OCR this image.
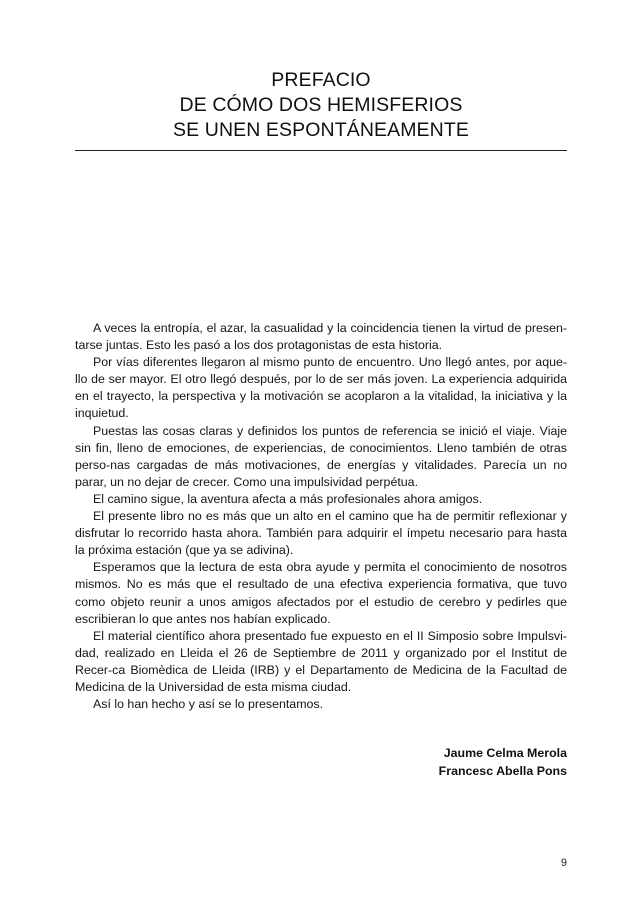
PREFACIO
DE CÓMO DOS HEMISFERIOS
SE UNEN ESPONTÁNEAMENTE

A veces la entropía, el azar, la casualidad y la coincidencia tienen la virtud de presen-tarse juntas. Esto les pasó a los dos protagonistas de esta historia.

Por vías diferentes llegaron al mismo punto de encuentro. Uno llegó antes, por aque-llo de ser mayor. El otro llegó después, por lo de ser más joven. La experiencia adquirida en el trayecto, la perspectiva y la motivación se acoplaron a la vitalidad, la iniciativa y la inquietud.

Puestas las cosas claras y definidos los puntos de referencia se inició el viaje. Viaje sin fin, lleno de emociones, de experiencias, de conocimientos. Lleno también de otras perso-nas cargadas de más motivaciones, de energías y vitalidades. Parecía un no parar, un no dejar de crecer. Como una impulsividad perpétua.

El camino sigue, la aventura afecta a más profesionales ahora amigos.

El presente libro no es más que un alto en el camino que ha de permitir reflexionar y disfrutar lo recorrido hasta ahora. También para adquirir el ímpetu necesario para hasta la próxima estación (que ya se adivina).

Esperamos que la lectura de esta obra ayude y permita el conocimiento de nosotros mismos. No es más que el resultado de una efectiva experiencia formativa, que tuvo como objeto reunir a unos amigos afectados por el estudio de cerebro y pedirles que escribieran lo que antes nos habían explicado.

El material científico ahora presentado fue expuesto en el II Simposio sobre Impulsvi-dad, realizado en Lleida el 26 de Septiembre de 2011 y organizado por el Institut de Recer-ca Biomèdica de Lleida (IRB) y el Departamento de Medicina de la Facultad de Medicina de la Universidad de esta misma ciudad.

Así lo han hecho y así se lo presentamos.

Jaume Celma Merola
Francesc Abella Pons
9
